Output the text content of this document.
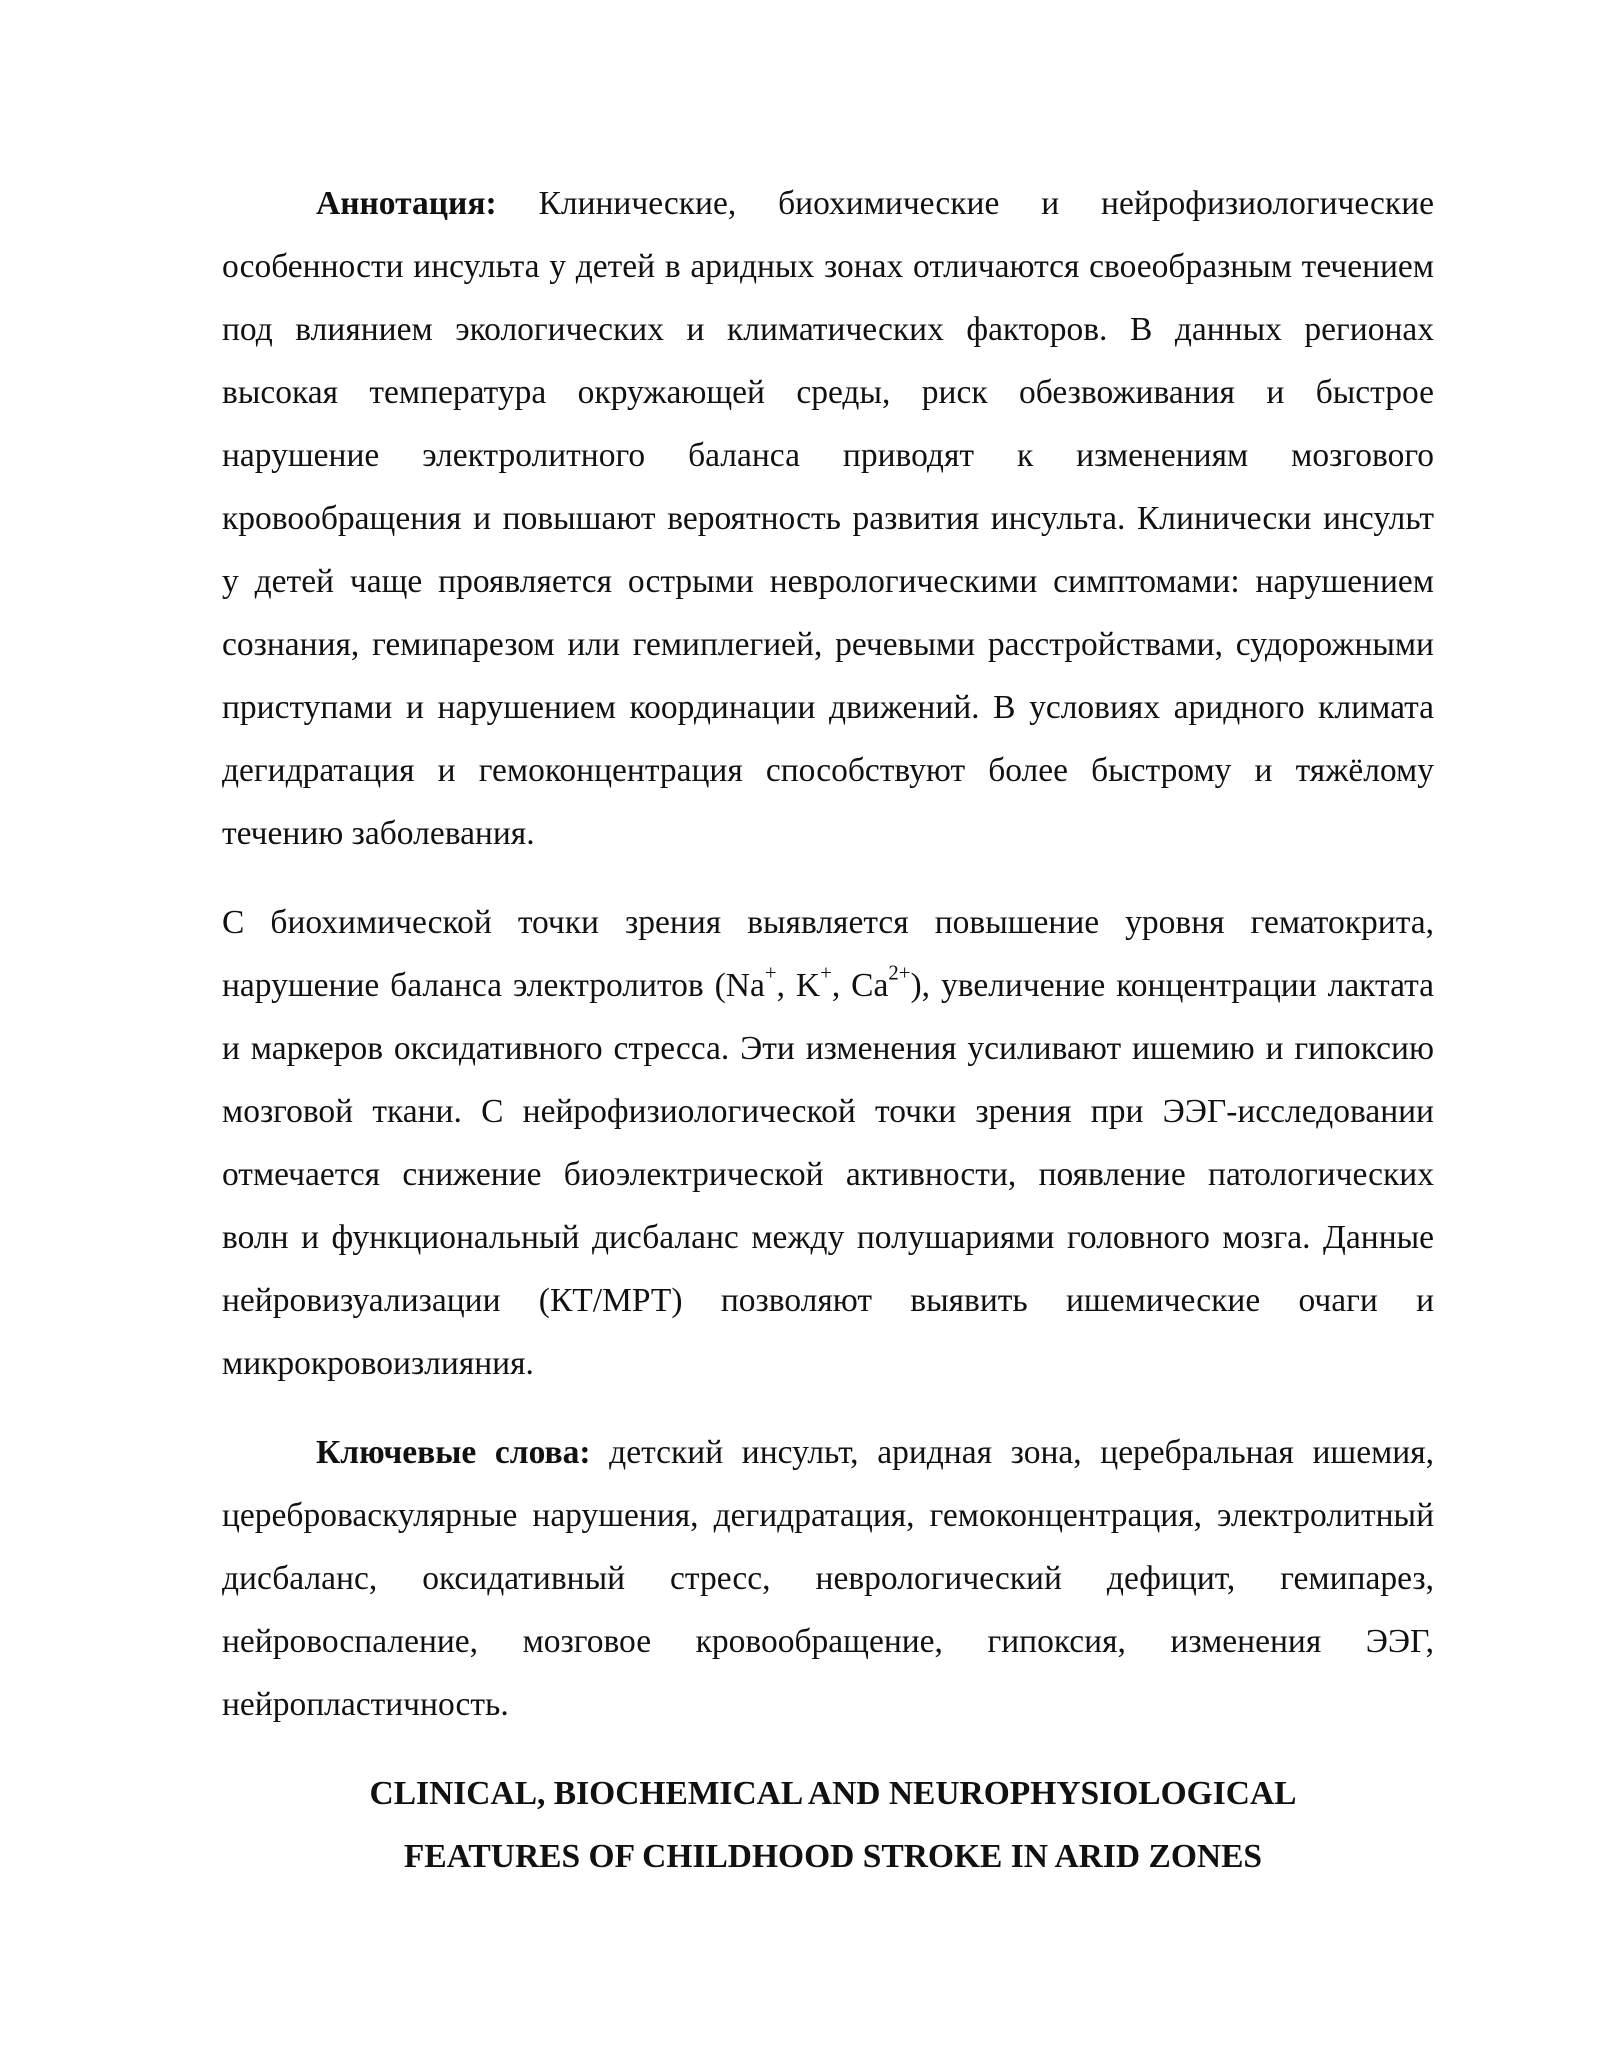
Аннотация: Клинические, биохимические и нейрофизиологические особенности инсульта у детей в аридных зонах отличаются своеобразным течением под влиянием экологических и климатических факторов. В данных регионах высокая температура окружающей среды, риск обезвоживания и быстрое нарушение электролитного баланса приводят к изменениям мозгового кровообращения и повышают вероятность развития инсульта. Клинически инсульт у детей чаще проявляется острыми неврологическими симптомами: нарушением сознания, гемипарезом или гемиплегией, речевыми расстройствами, судорожными приступами и нарушением координации движений. В условиях аридного климата дегидратация и гемоконцентрация способствуют более быстрому и тяжёлому течению заболевания.

С биохимической точки зрения выявляется повышение уровня гематокрита, нарушение баланса электролитов (Na+, K+, $Ca^{2+}$), увеличение концентрации лактата и маркеров оксидативного стресса. Эти изменения усиливают ишемию и гипоксию мозговой ткани. С нейрофизиологической точки зрения при ЭЭГ-исследовании отмечается снижение биоэлектрической активности, появление патологических волн и функциональный дисбаланс между полушариями головного мозга. Данные нейровизуализации (КТ/МРТ) позволяют выявить ишемические очаги и микрокровоизлияния.

Ключевые слова: детский инсульт, аридная зона, церебральная ишемия, цереброваскулярные нарушения, дегидратация, гемоконцентрация, электролитный дисбаланс, оксидативный стресс, неврологический дефицит, гемипарез, нейровоспаление, мозговое кровообращение, гипоксия, изменения ЭЭГ, нейропластичность.

CLINICAL, BIOCHEMICAL AND NEUROPHYSIOLOGICAL
FEATURES OF CHILDHOOD STROKE IN ARID ZONES
